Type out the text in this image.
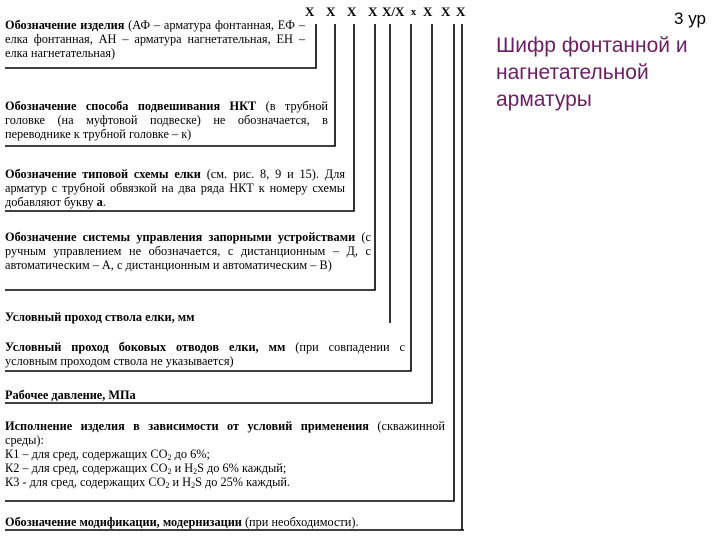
X X X X X/X x X X X	3 ур
Шифр фонтанной и нагнетательной арматуры
Обозначение изделия (АФ – арматура фонтанная, ЕФ – елка фонтанная, АН – арматура нагнетательная, ЕН – елка нагнетательная)
Обозначение способа подвешивания НКТ (в трубной головке (на муфтовой подвеске) не обозначается, в переводнике к трубной головке – к)
Обозначение типовой схемы елки (см. рис. 8, 9 и 15). Для арматур с трубной обвязкой на два ряда НКТ к номеру схемы добавляют букву а.
Обозначение системы управления запорными устройствами (с ручным управлением не обозначается, с дистанционным – Д, с автоматическим – А, с дистанционным и автоматическим – В)
Условный проход ствола елки, мм
Условный проход боковых отводов елки, мм (при совпадении с условным проходом ствола не указывается)
Рабочее давление, МПа
Исполнение изделия в зависимости от условий применения (скважинной среды):
К1 – для сред, содержащих $СО_2$ до 6%;
К2 – для сред, содержащих $СО_2$ и $Н_2S$ до 6% каждый;
К3 - для сред, содержащих $СО_2$ и $Н_2S$ до 25% каждый.
Обозначение модификации, модернизации (при необходимости).
